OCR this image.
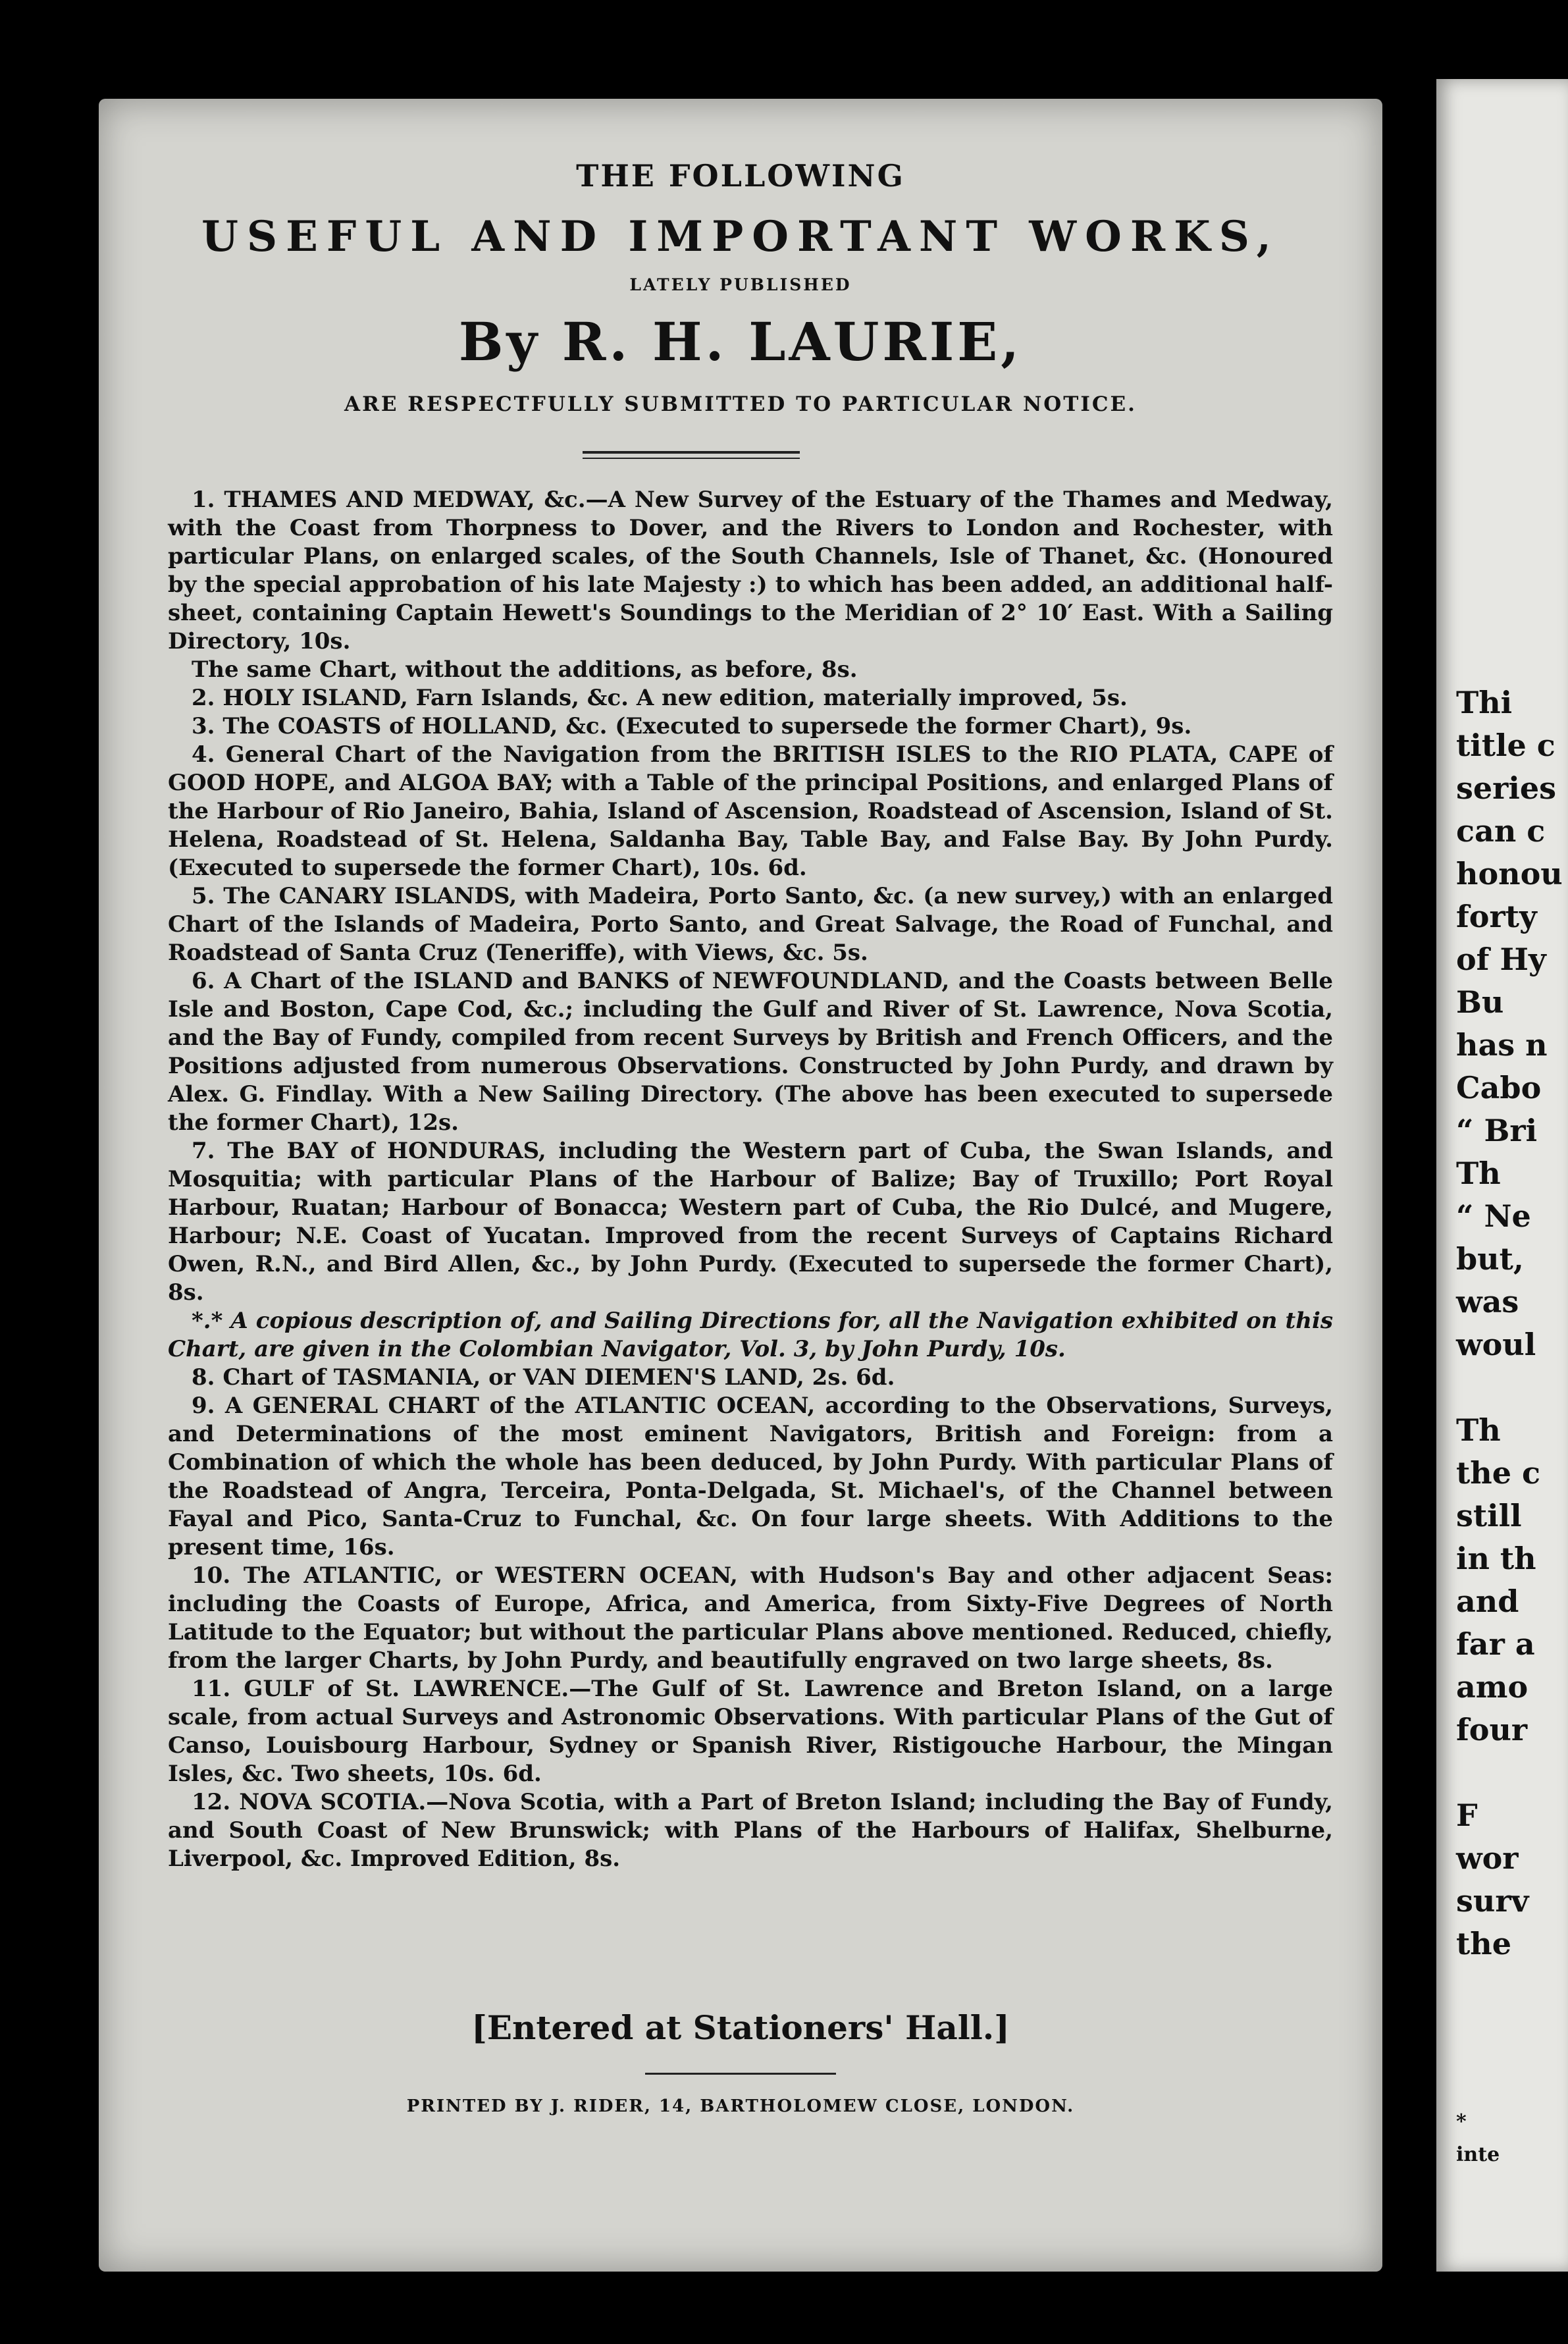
THE FOLLOWING
USEFUL AND IMPORTANT WORKS,
LATELY PUBLISHED
By R. H. LAURIE,
ARE RESPECTFULLY SUBMITTED TO PARTICULAR NOTICE.

1. THAMES AND MEDWAY, &c.—A New Survey of the Estuary of the Thames and Medway, with the Coast from Thorpness to Dover, and the Rivers to London and Rochester, with particular Plans, on enlarged scales, of the South Channels, Isle of Thanet, &c. (Honoured by the special approbation of his late Majesty :) to which has been added, an additional half-sheet, containing Captain Hewett's Soundings to the Meridian of 2° 10′ East. With a Sailing Directory, 10s.

The same Chart, without the additions, as before, 8s.

2. HOLY ISLAND, Farn Islands, &c. A new edition, materially improved, 5s.

3. The COASTS of HOLLAND, &c. (Executed to supersede the former Chart), 9s.

4. General Chart of the Navigation from the BRITISH ISLES to the RIO PLATA, CAPE of GOOD HOPE, and ALGOA BAY; with a Table of the principal Positions, and enlarged Plans of the Harbour of Rio Janeiro, Bahia, Island of Ascension, Roadstead of Ascension, Island of St. Helena, Roadstead of St. Helena, Saldanha Bay, Table Bay, and False Bay. By John Purdy. (Executed to supersede the former Chart), 10s. 6d.

5. The CANARY ISLANDS, with Madeira, Porto Santo, &c. (a new survey,) with an enlarged Chart of the Islands of Madeira, Porto Santo, and Great Salvage, the Road of Funchal, and Roadstead of Santa Cruz (Teneriffe), with Views, &c. 5s.

6. A Chart of the ISLAND and BANKS of NEWFOUNDLAND, and the Coasts between Belle Isle and Boston, Cape Cod, &c.; including the Gulf and River of St. Lawrence, Nova Scotia, and the Bay of Fundy, compiled from recent Surveys by British and French Officers, and the Positions adjusted from numerous Observations. Constructed by John Purdy, and drawn by Alex. G. Findlay. With a New Sailing Directory. (The above has been executed to supersede the former Chart), 12s.

7. The BAY of HONDURAS, including the Western part of Cuba, the Swan Islands, and Mosquitia; with particular Plans of the Harbour of Balize; Bay of Truxillo; Port Royal Harbour, Ruatan; Harbour of Bonacca; Western part of Cuba, the Rio Dulcé, and Mugere, Harbour; N.E. Coast of Yucatan. Improved from the recent Surveys of Captains Richard Owen, R.N., and Bird Allen, &c., by John Purdy. (Executed to supersede the former Chart), 8s.

*.* A copious description of, and Sailing Directions for, all the Navigation exhibited on this Chart, are given in the Colombian Navigator, Vol. 3, by John Purdy, 10s.

8. Chart of TASMANIA, or VAN DIEMEN'S LAND, 2s. 6d.

9. A GENERAL CHART of the ATLANTIC OCEAN, according to the Observations, Surveys, and Determinations of the most eminent Navigators, British and Foreign: from a Combination of which the whole has been deduced, by John Purdy. With particular Plans of the Roadstead of Angra, Terceira, Ponta-Delgada, St. Michael's, of the Channel between Fayal and Pico, Santa-Cruz to Funchal, &c. On four large sheets. With Additions to the present time, 16s.

10. The ATLANTIC, or WESTERN OCEAN, with Hudson's Bay and other adjacent Seas: including the Coasts of Europe, Africa, and America, from Sixty-Five Degrees of North Latitude to the Equator; but without the particular Plans above mentioned. Reduced, chiefly, from the larger Charts, by John Purdy, and beautifully engraved on two large sheets, 8s.

11. GULF of St. LAWRENCE.—The Gulf of St. Lawrence and Breton Island, on a large scale, from actual Surveys and Astronomic Observations. With particular Plans of the Gut of Canso, Louisbourg Harbour, Sydney or Spanish River, Ristigouche Harbour, the Mingan Isles, &c. Two sheets, 10s. 6d.

12. NOVA SCOTIA.—Nova Scotia, with a Part of Breton Island; including the Bay of Fundy, and South Coast of New Brunswick; with Plans of the Harbours of Halifax, Shelburne, Liverpool, &c. Improved Edition, 8s.

[Entered at Stationers' Hall.]
PRINTED BY J. RIDER, 14, BARTHOLOMEW CLOSE, LONDON.
Thi
title c
series
can c
honou
forty
of Hy
Bu
has n
Cabo
“ Bri
Th
“ Ne
but,
was
woul
Th
the c
still
in th
and
far a
amo
four
F
wor
surv
the
*
inte
